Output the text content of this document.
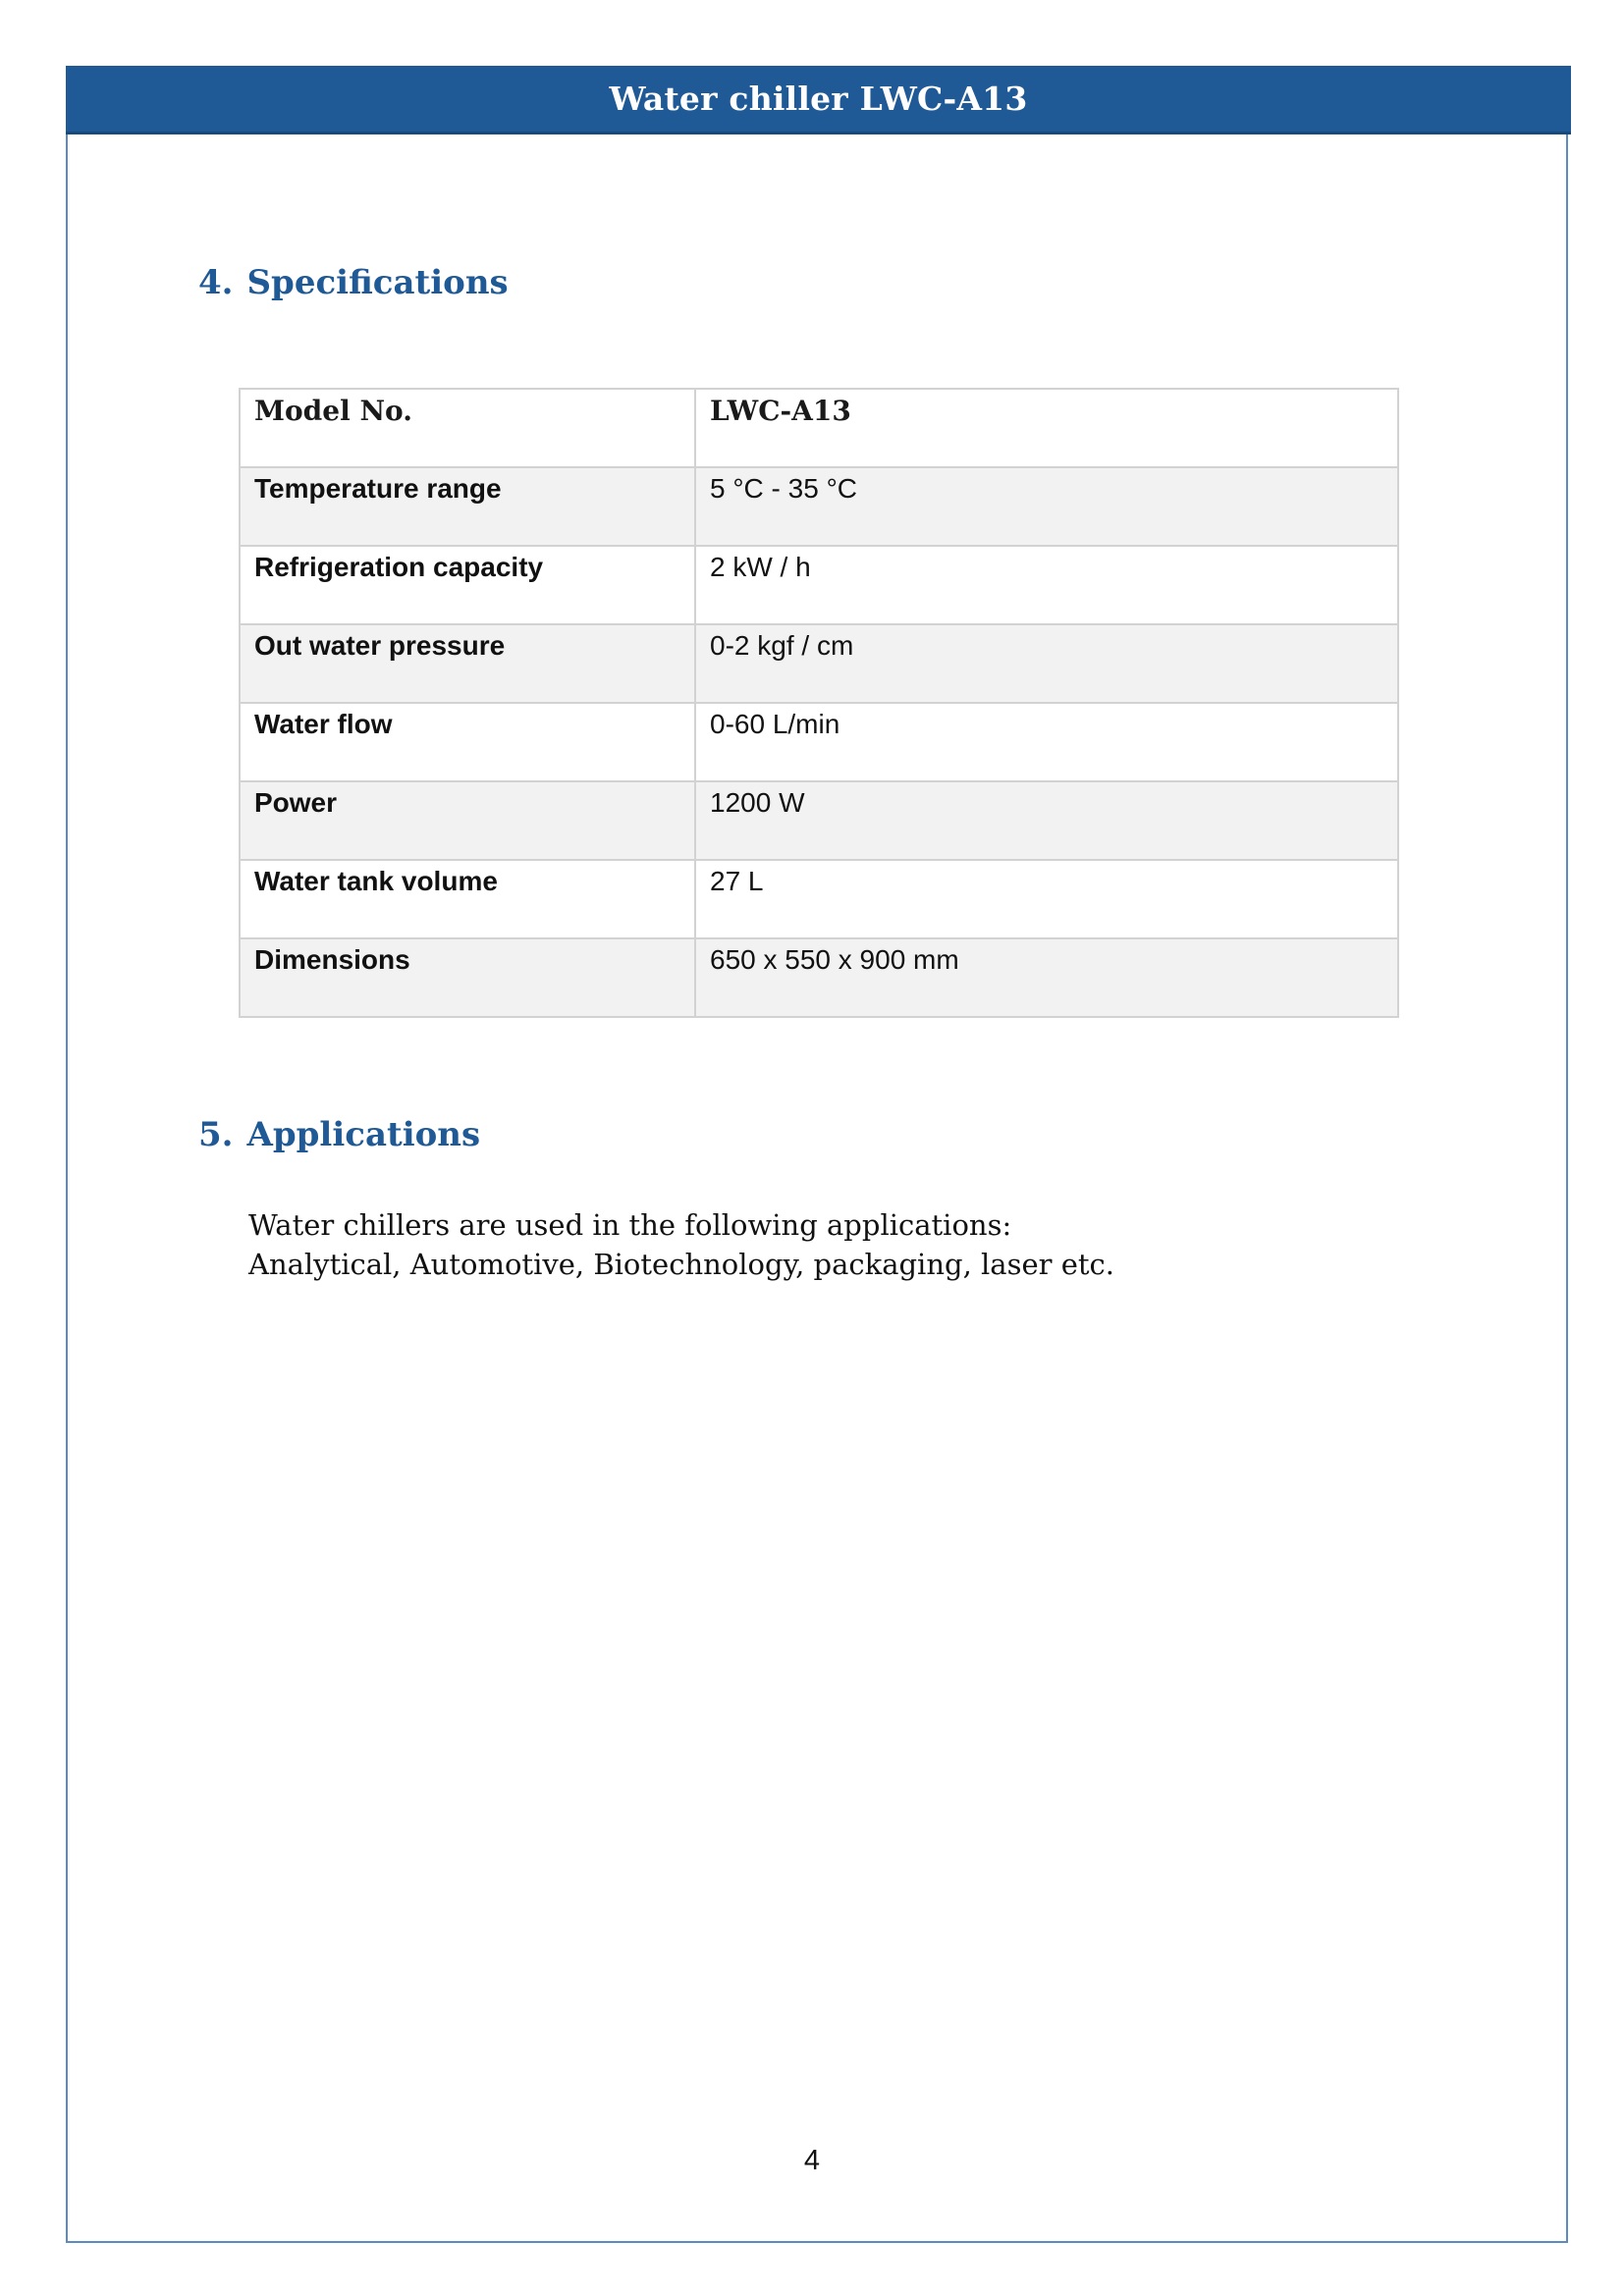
Water chiller LWC-A13
4. Specifications
Model No.	LWC-A13
Temperature range	5 °C - 35 °C
Refrigeration capacity	2 kW / h
Out water pressure	0-2 kgf / cm
Water flow	0-60 L/min
Power	1200 W
Water tank volume	27 L
Dimensions	650 x 550 x 900 mm
5. Applications
Water chillers are used in the following applications:
Analytical, Automotive, Biotechnology, packaging, laser etc.
4
